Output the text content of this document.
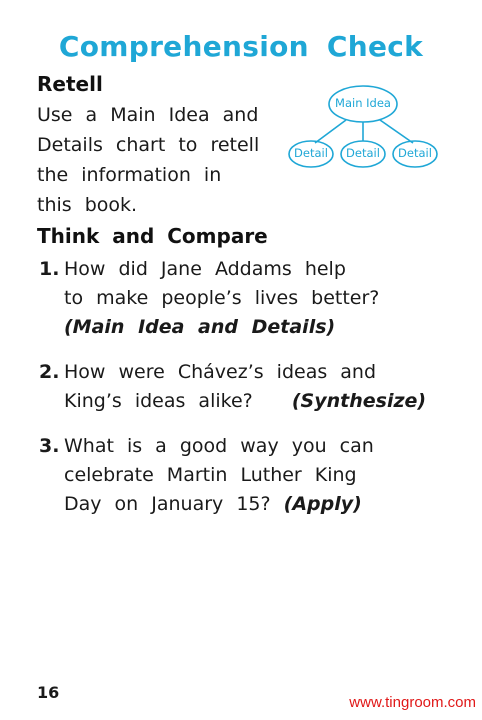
Comprehension Check
Retell
Use a Main Idea and
Details chart to retell
the information in
this book.
Main Idea
Detail	Detail	Detail
Think and Compare
1. How did Jane Addams help
to make people’s lives better?
(Main Idea and Details)
2. How were Chávez’s ideas and
King’s ideas alike? (Synthesize)
3. What is a good way you can
celebrate Martin Luther King
Day on January 15? (Apply)
16
www.tingroom.com
